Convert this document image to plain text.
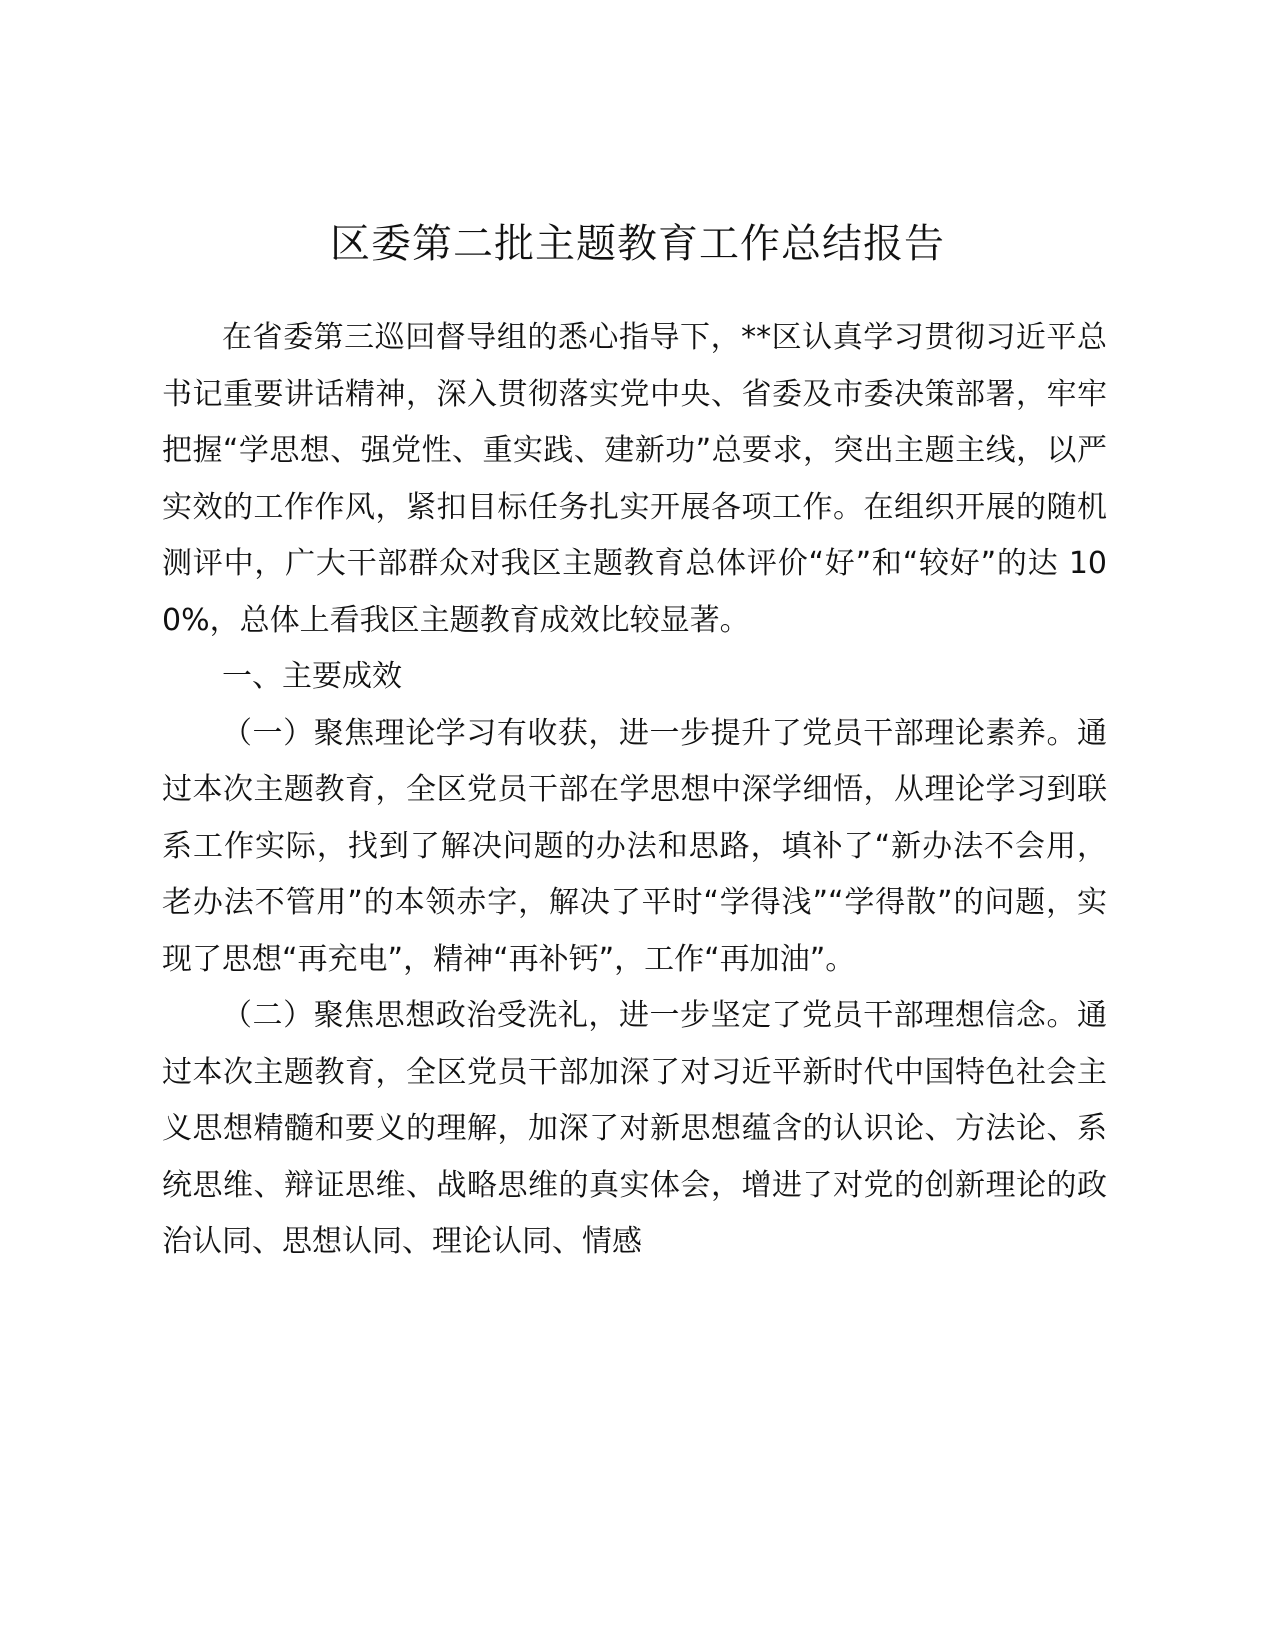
区委第二批主题教育工作总结报告

在省委第三巡回督导组的悉心指导下，**区认真学习贯彻习近平总书记重要讲话精神，深入贯彻落实党中央、省委及市委决策部署，牢牢把握“学思想、强党性、重实践、建新功”总要求，突出主题主线，以严实效的工作作风，紧扣目标任务扎实开展各项工作。在组织开展的随机测评中，广大干部群众对我区主题教育总体评价“好”和“较好”的达 100%，总体上看我区主题教育成效比较显著。

一、主要成效

（一）聚焦理论学习有收获，进一步提升了党员干部理论素养。通过本次主题教育，全区党员干部在学思想中深学细悟，从理论学习到联系工作实际，找到了解决问题的办法和思路，填补了“新办法不会用，老办法不管用”的本领赤字，解决了平时“学得浅”“学得散”的问题，实现了思想“再充电”，精神“再补钙”，工作“再加油”。

（二）聚焦思想政治受洗礼，进一步坚定了党员干部理想信念。通过本次主题教育，全区党员干部加深了对习近平新时代中国特色社会主义思想精髓和要义的理解，加深了对新思想蕴含的认识论、方法论、系统思维、辩证思维、战略思维的真实体会，增进了对党的创新理论的政治认同、思想认同、理论认同、情感
